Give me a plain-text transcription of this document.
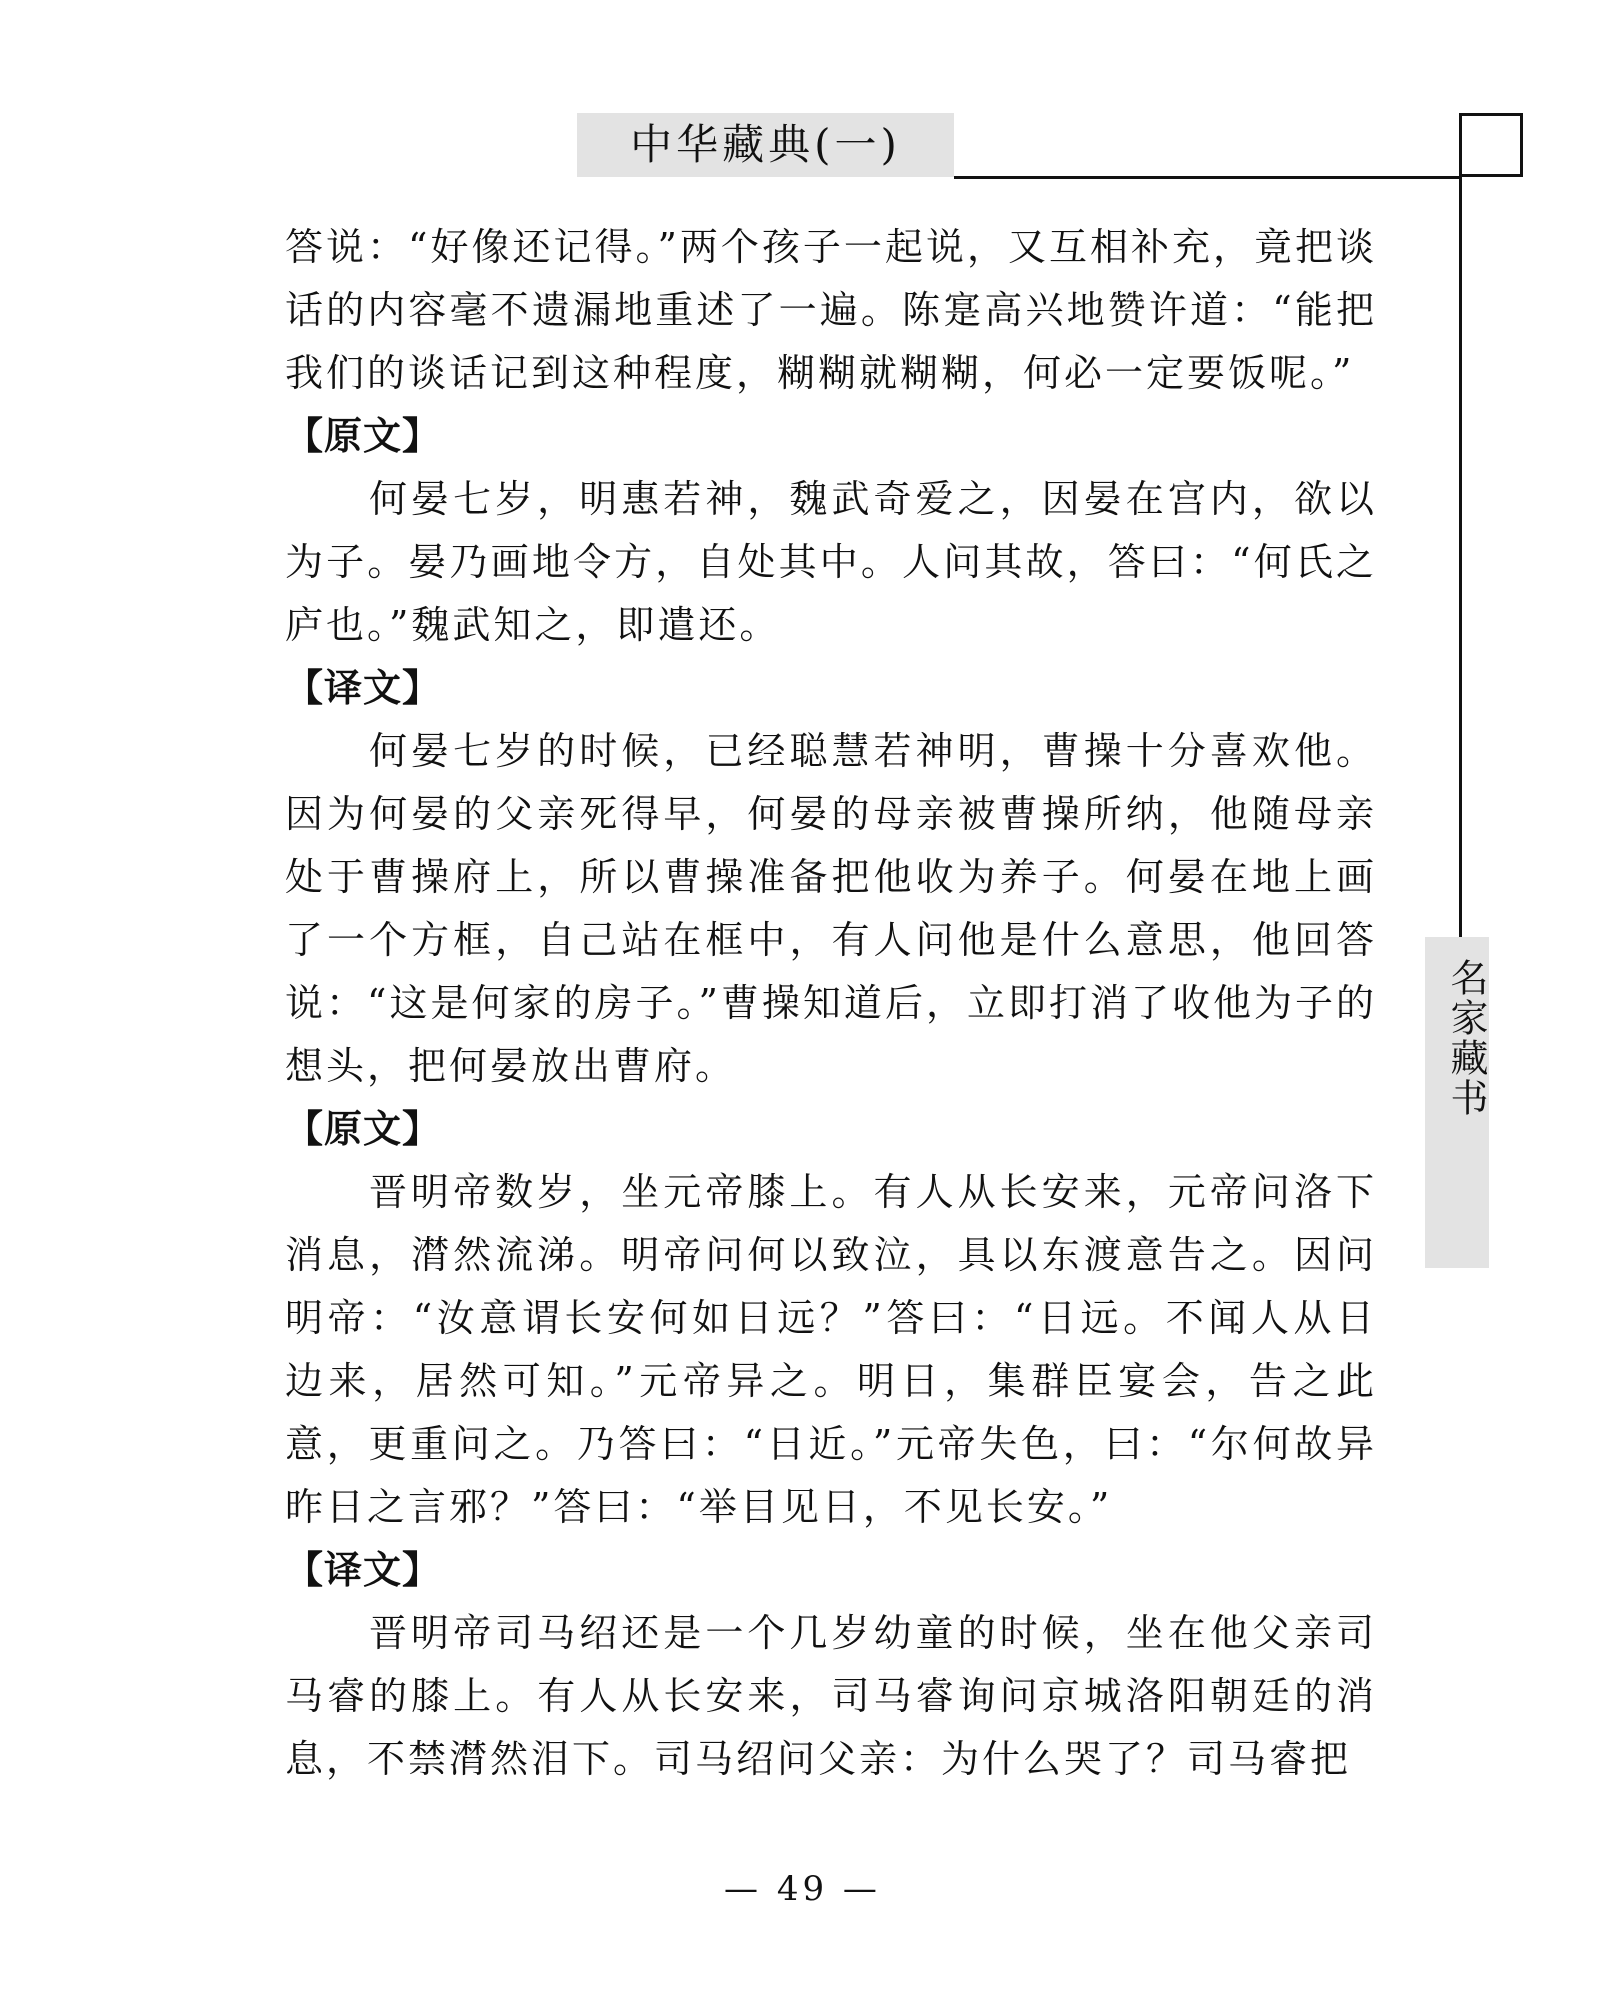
中华藏典(一)
名家藏书

答说：“好像还记得。”两个孩子一起说，又互相补充，竟把谈话的内容毫不遗漏地重述了一遍。陈寔高兴地赞许道：“能把我们的谈话记到这种程度，糊糊就糊糊，何必一定要饭呢。”

【原文】

何晏七岁，明惠若神，魏武奇爱之，因晏在宫内，欲以为子。晏乃画地令方，自处其中。人问其故，答曰：“何氏之庐也。”魏武知之，即遣还。

【译文】

何晏七岁的时候，已经聪慧若神明，曹操十分喜欢他。因为何晏的父亲死得早，何晏的母亲被曹操所纳，他随母亲处于曹操府上，所以曹操准备把他收为养子。何晏在地上画了一个方框，自己站在框中，有人问他是什么意思，他回答说：“这是何家的房子。”曹操知道后，立即打消了收他为子的想头，把何晏放出曹府。

【原文】

晋明帝数岁，坐元帝膝上。有人从长安来，元帝问洛下消息，潸然流涕。明帝问何以致泣，具以东渡意告之。因问明帝：“汝意谓长安何如日远？”答曰：“日远。不闻人从日边来，居然可知。”元帝异之。明日，集群臣宴会，告之此意，更重问之。乃答曰：“日近。”元帝失色，曰：“尔何故异昨日之言邪？”答曰：“举目见日，不见长安。”

【译文】

晋明帝司马绍还是一个几岁幼童的时候，坐在他父亲司马睿的膝上。有人从长安来，司马睿询问京城洛阳朝廷的消息，不禁潸然泪下。司马绍问父亲：为什么哭了？司马睿把

— 49 —
